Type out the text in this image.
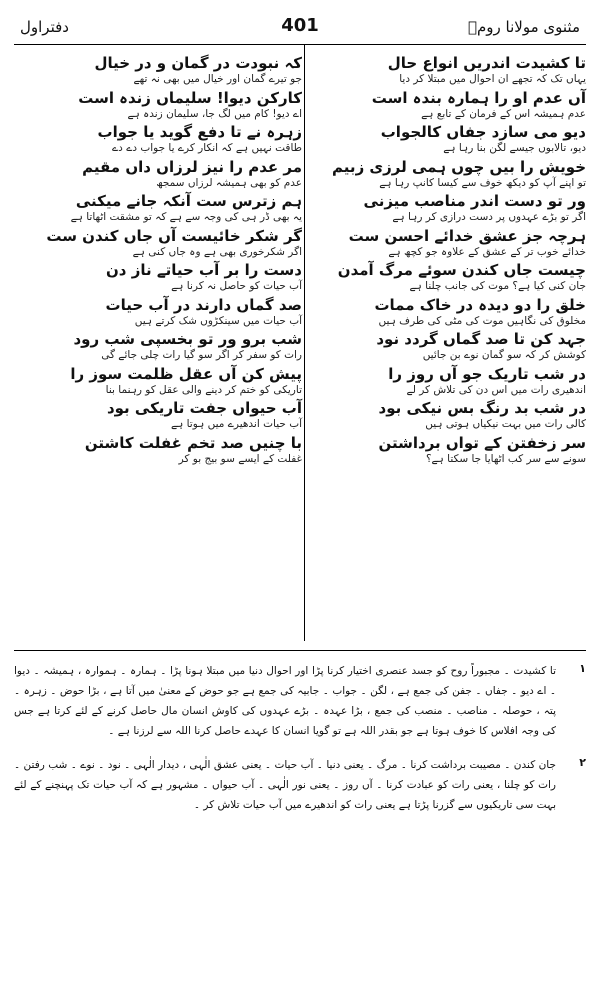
دفتراول	401	مثنوی مولانا رومؒ
تا کشیدت اندریں انواع حال
یہاں تک کہ تجھے ان احوال میں مبتلا کر دیا
آں عدم او را ہمارہ بندہ است
عدم ہمیشہ اس کے فرمان کے تابع ہے
دیو می سازد جفاں کالجواب
دیو، تالابوں جیسے لگن بنا رہا ہے
خویش را بیں چوں ہمی لرزی زبیم
تو اپنے آپ کو دیکھ خوف سے کیسا کانپ رہا ہے
ور تو دست اندر مناصب میزنی
اگر تو بڑے عہدوں پر دست درازی کر رہا ہے
ہرچہ جز عشق خدائے احسن ست
خدائے خوب تر کے عشق کے علاوہ جو کچھ ہے
چیست جاں کندن سوئے مرگ آمدن
جان کنی کیا ہے؟ موت کی جانب چلنا ہے
خلق را دو دیدہ در خاک ممات
مخلوق کی نگاہیں موت کی مٹی کی طرف ہیں
جہد کن تا صد گماں گردد نود
کوشش کر کہ سو گمان نوے بن جائیں
در شب تاریک جو آں روز را
اندھیری رات میں اس دن کی تلاش کر لے
در شب بد رنگ بس نیکی بود
کالی رات میں بہت نیکیاں ہوتی ہیں
سر زخفتن کے تواں برداشتن
سونے سے سر کب اٹھایا جا سکتا ہے؟
کہ نبودت در گمان و در خیال
جو تیرے گمان اور خیال میں بھی نہ تھے
کارکن دیوا! سلیماں زندہ است
اے دیو! کام میں لگ جا، سلیمان زندہ ہے
زہرہ نے تا دفع گوید یا جواب
طاقت نہیں ہے کہ انکار کرے یا جواب دے دے
مر عدم را نیز لرزاں داں مقیم
عدم کو بھی ہمیشہ لرزاں سمجھ
ہم زترس ست آنکہ جانے میکنی
یہ بھی ڈر ہی کی وجہ سے ہے کہ تو مشقت اٹھاتا ہے
گر شکر خائیست آں جاں کندن ست
اگر شکرخوری بھی ہے وہ جاں کنی ہے
دست را بر آب حیاتے ناز دن
آب حیات کو حاصل نہ کرنا ہے
صد گماں دارند در آب حیات
آب حیات میں سینکڑوں شک کرتے ہیں
شب برو ور تو بخسپی شب رود
رات کو سفر کر اگر سو گیا رات چلی جائے گی
پیش کن آں عقل ظلمت سوز را
تاریکی کو ختم کر دینے والی عقل کو رہنما بنا
آب حیواں جفت تاریکی بود
آب حیات اندھیرے میں ہوتا ہے
با چنیں صد تخم غفلت کاشتن
غفلت کے ایسے سو بیج بو کر
۱
تا کشیدت ۔ مجبوراً روح کو جسد عنصری اختیار کرنا پڑا اور احوال دنیا میں مبتلا ہونا پڑا ۔ ہمارہ ۔ ہموارہ ، ہمیشہ ۔ دیوا ۔ اے دیو ۔ جفاں ۔ جفن کی جمع ہے ، لگن ۔ جواب ۔ جابیہ کی جمع ہے جو حوض کے معنیٰ میں آتا ہے ، بڑا حوض ۔ زہرہ ۔ پتہ ، حوصلہ ۔ مناصب ۔ منصب کی جمع ، بڑا عہدہ ۔ بڑے عہدوں کی کاوش انسان مال حاصل کرنے کے لئے کرتا ہے جس کی وجہ افلاس کا خوف ہوتا ہے جو بقدر اللہ ہے تو گویا انسان کا عہدے حاصل کرنا اللہ سے لرزنا ہے ۔
۲
جان کندن ۔ مصیبت برداشت کرنا ۔ مرگ ۔ یعنی دنیا ۔ آب حیات ۔ یعنی عشق الٰہی ، دیدار الٰہی ۔ نود ۔ نوے ۔ شب رفتن ۔ رات کو چلنا ، یعنی رات کو عبادت کرنا ۔ آں روز ۔ یعنی نور الٰہی ۔ آب حیواں ۔ مشہور ہے کہ آب حیات تک پہنچنے کے لئے بہت سی تاریکیوں سے گزرنا پڑتا ہے یعنی رات کو اندھیرے میں آب حیات تلاش کر ۔
